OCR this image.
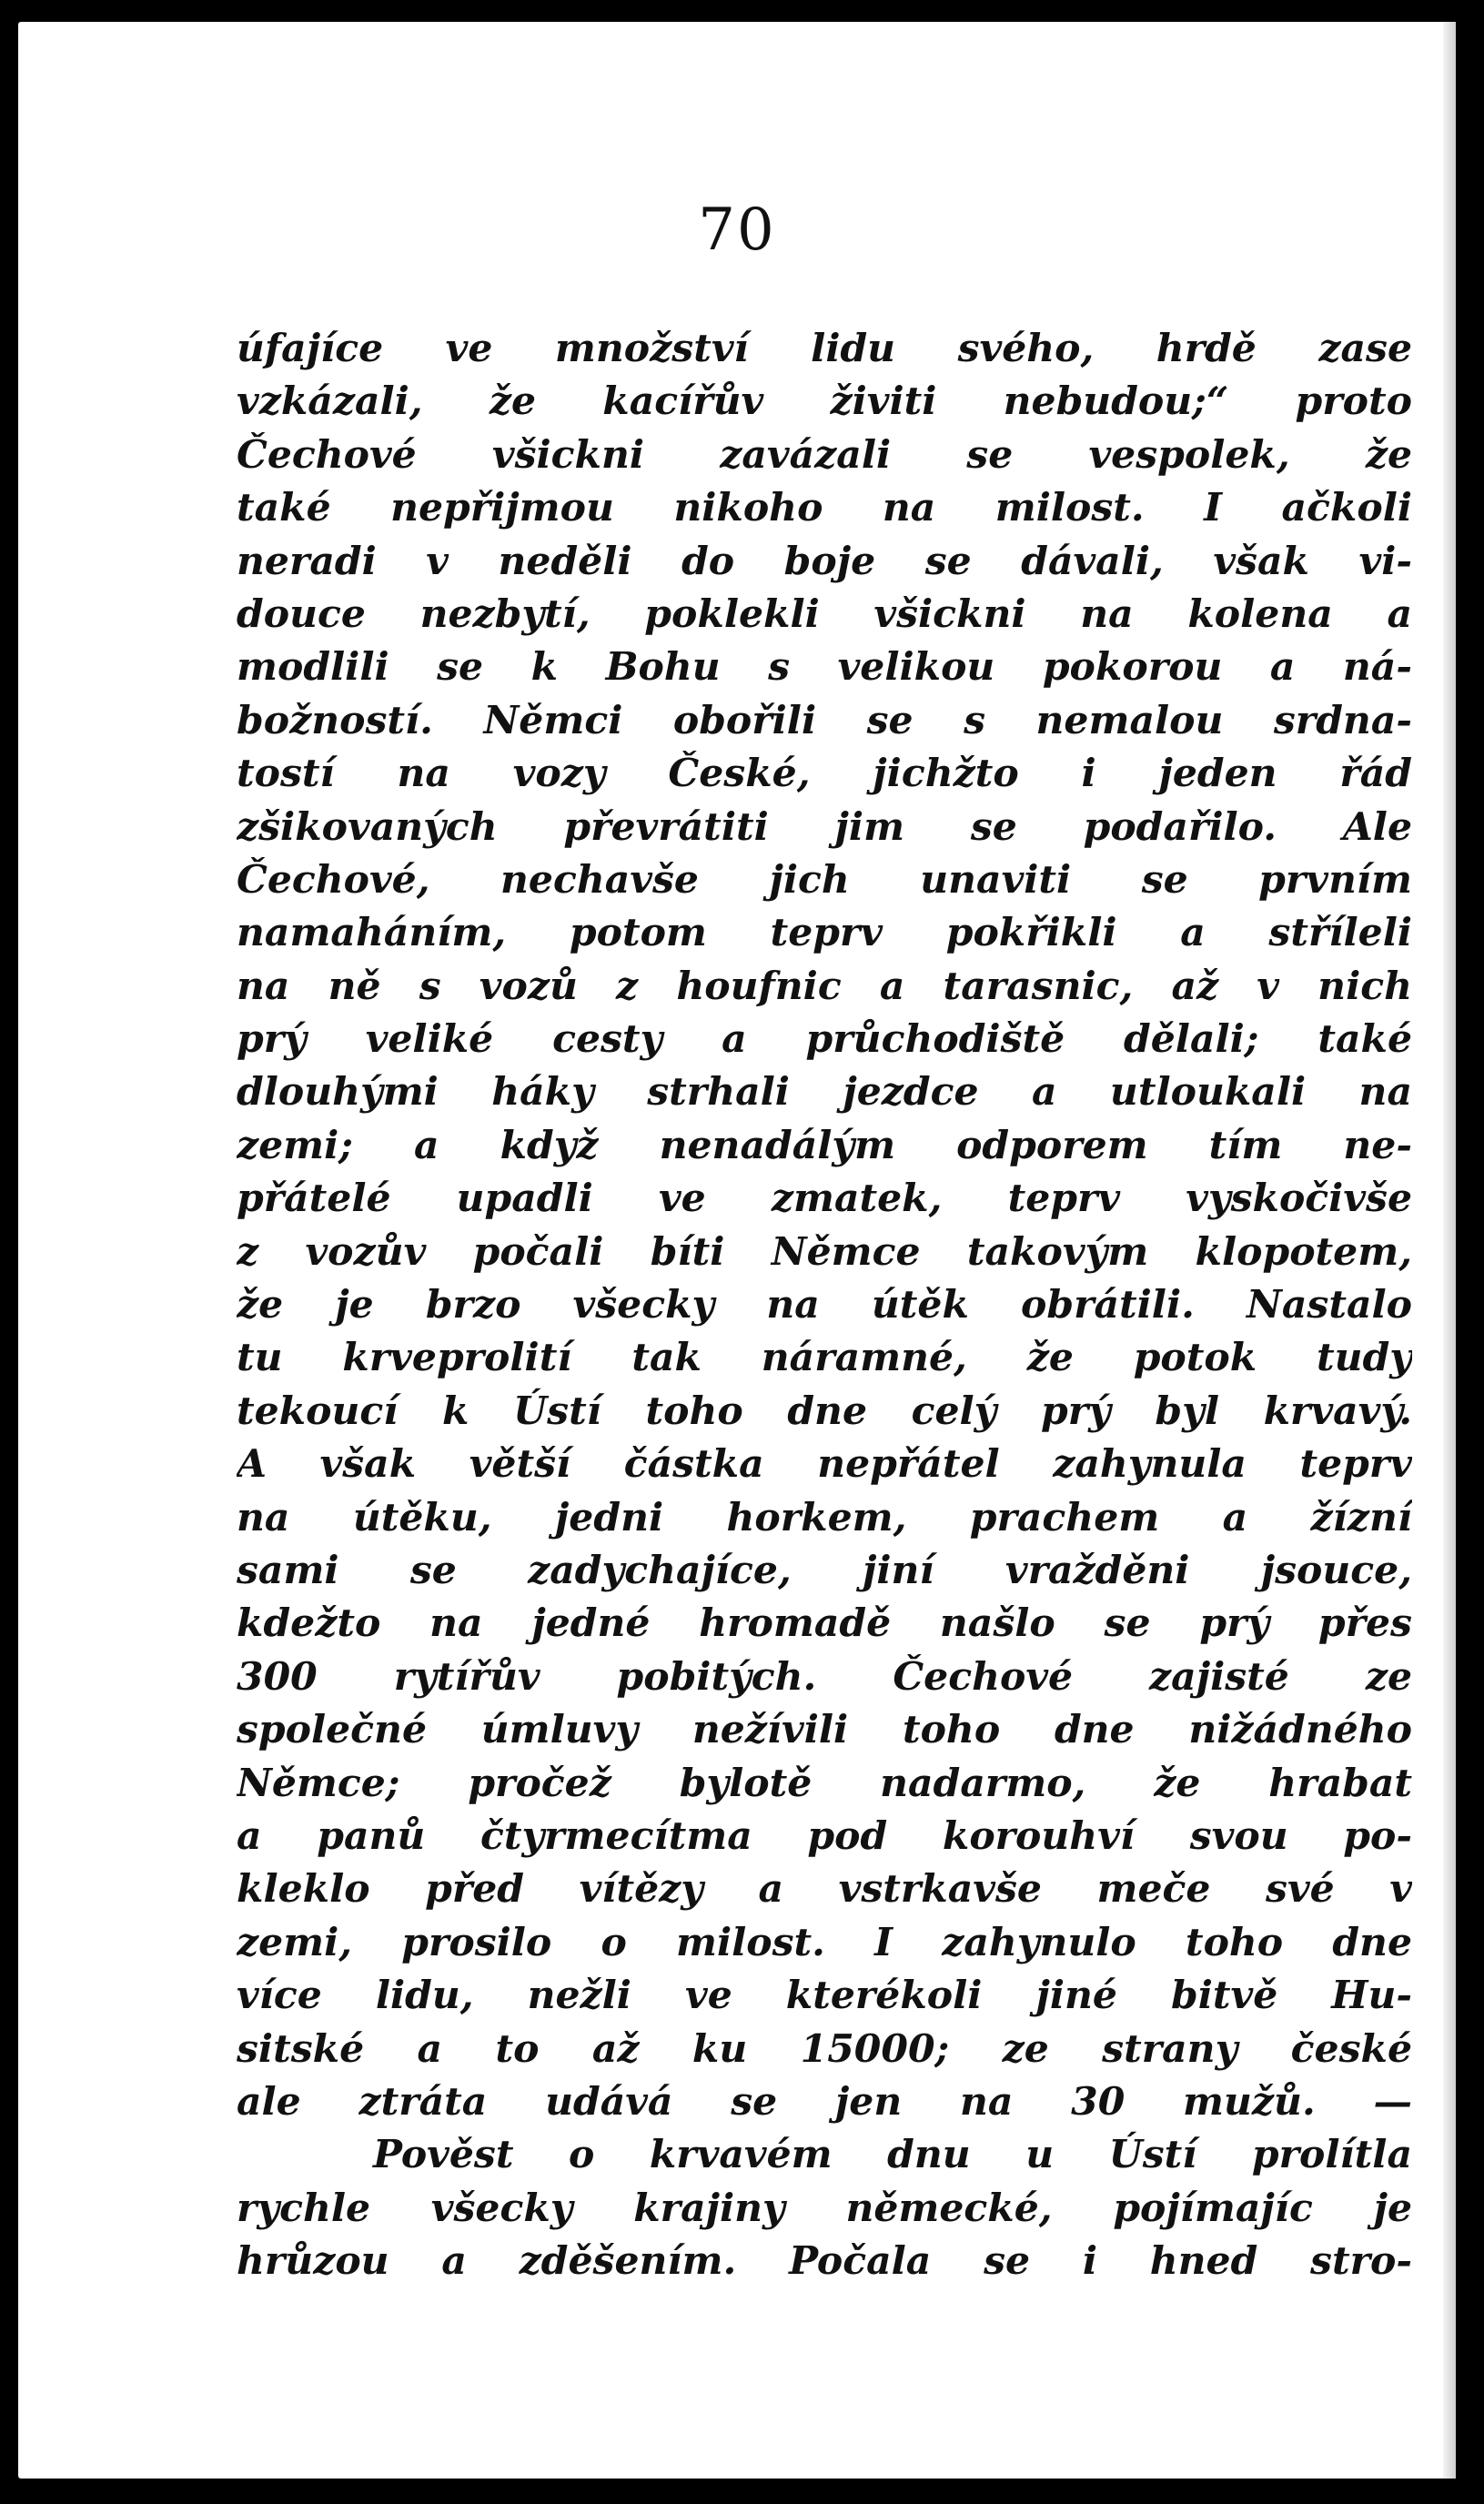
70
úfajíce ve množství lidu svého, hrdě zase
vzkázali, že kacířův živiti nebudou;“ proto
Čechové všickni zavázali se vespolek, že
také nepřijmou nikoho na milost. I ačkoli
neradi v neděli do boje se dávali, však vi-
douce nezbytí, poklekli všickni na kolena a
modlili se k Bohu s velikou pokorou a ná-
božností. Němci obořili se s nemalou srdna-
tostí na vozy České, jichžto i jeden řád
zšikovaných převrátiti jim se podařilo. Ale
Čechové, nechavše jich unaviti se prvním
namaháním, potom teprv pokřikli a stříleli
na ně s vozů z houfnic a tarasnic, až v nich
prý veliké cesty a průchodiště dělali; také
dlouhými háky strhali jezdce a utloukali na
zemi; a když nenadálým odporem tím ne-
přátelé upadli ve zmatek, teprv vyskočivše
z vozův počali bíti Němce takovým klopotem,
že je brzo všecky na útěk obrátili. Nastalo
tu krveprolití tak náramné, že potok tudy
tekoucí k Ústí toho dne celý prý byl krvavý.
A však větší částka nepřátel zahynula teprv
na útěku, jedni horkem, prachem a žízní
sami se zadychajíce, jiní vražděni jsouce,
kdežto na jedné hromadě našlo se prý přes
300 rytířův pobitých. Čechové zajisté ze
společné úmluvy nežívili toho dne nižádného
Němce; pročež bylotě nadarmo, že hrabat
a panů čtyrmecítma pod korouhví svou po-
kleklo před vítězy a vstrkavše meče své v
zemi, prosilo o milost. I zahynulo toho dne
více lidu, nežli ve kterékoli jiné bitvě Hu-
sitské a to až ku 15000; ze strany české
ale ztráta udává se jen na 30 mužů. —
Pověst o krvavém dnu u Ústí prolítla
rychle všecky krajiny německé, pojímajíc je
hrůzou a zděšením. Počala se i hned stro-
